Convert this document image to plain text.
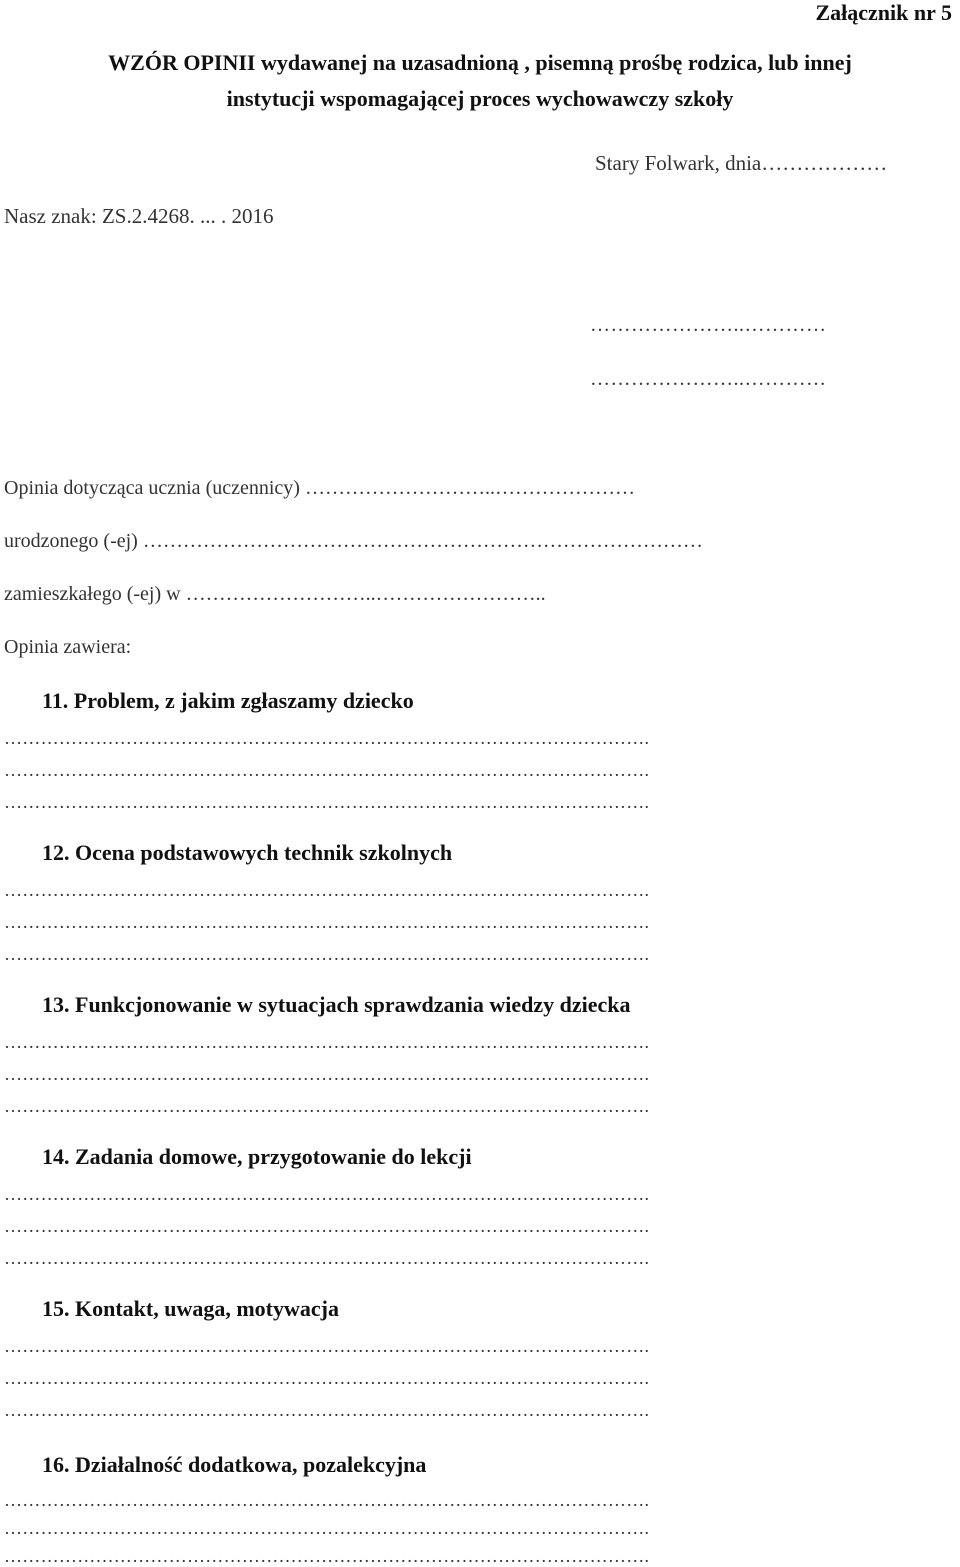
Załącznik nr 5
WZÓR OPINII wydawanej na uzasadnioną , pisemną prośbę rodzica, lub innej
instytucji wspomagającej proces wychowawczy szkoły
Stary Folwark, dnia………………
Nasz znak: ZS.2.4268. ... . 2016
…………………..…………
…………………..…………
Opinia dotycząca ucznia (uczennicy) ………………………..…………………
urodzonego (-ej) …………………………………………………………………………
zamieszkałego (-ej) w ………………………..……………………..
Opinia zawiera:
11. Problem, z jakim zgłaszamy dziecko
…………………………………………………………………………………………….
…………………………………………………………………………………………….
…………………………………………………………………………………………….
12. Ocena podstawowych technik szkolnych
…………………………………………………………………………………………….
…………………………………………………………………………………………….
…………………………………………………………………………………………….
13. Funkcjonowanie w sytuacjach sprawdzania wiedzy dziecka
…………………………………………………………………………………………….
…………………………………………………………………………………………….
…………………………………………………………………………………………….
14. Zadania domowe, przygotowanie do lekcji
…………………………………………………………………………………………….
…………………………………………………………………………………………….
…………………………………………………………………………………………….
15. Kontakt, uwaga, motywacja
…………………………………………………………………………………………….
…………………………………………………………………………………………….
…………………………………………………………………………………………….
16. Działalność dodatkowa, pozalekcyjna
…………………………………………………………………………………………….
…………………………………………………………………………………………….
…………………………………………………………………………………………….
